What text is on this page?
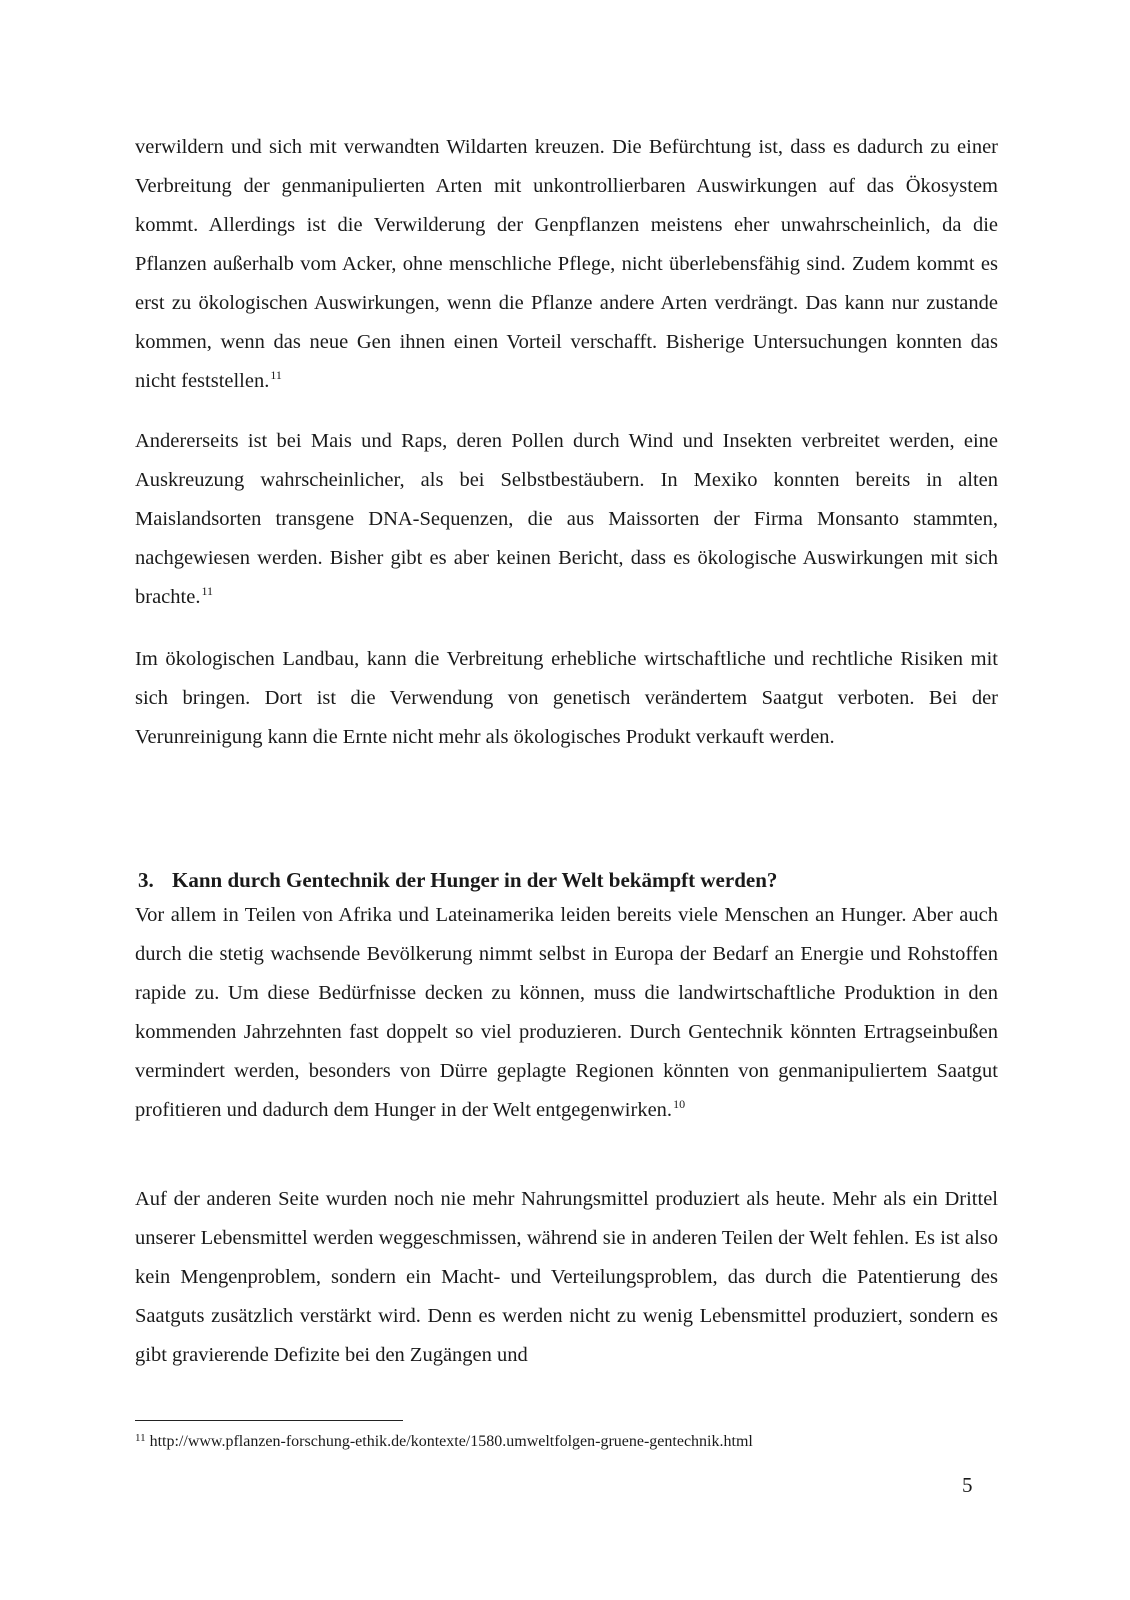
verwildern und sich mit verwandten Wildarten kreuzen. Die Befürchtung ist, dass es dadurch zu einer Verbreitung der genmanipulierten Arten mit unkontrollierbaren Auswirkungen auf das Ökosystem kommt. Allerdings ist die Verwilderung der Genpflanzen meistens eher unwahrscheinlich, da die Pflanzen außerhalb vom Acker, ohne menschliche Pflege, nicht überlebensfähig sind. Zudem kommt es erst zu ökologischen Auswirkungen, wenn die Pflanze andere Arten verdrängt. Das kann nur zustande kommen, wenn das neue Gen ihnen einen Vorteil verschafft. Bisherige Untersuchungen konnten das nicht feststellen.$^{11}$

Andererseits ist bei Mais und Raps, deren Pollen durch Wind und Insekten verbreitet werden, eine Auskreuzung wahrscheinlicher, als bei Selbstbestäubern. In Mexiko konnten bereits in alten Maislandsorten transgene DNA-Sequenzen, die aus Maissorten der Firma Monsanto stammten, nachgewiesen werden. Bisher gibt es aber keinen Bericht, dass es ökologische Auswirkungen mit sich brachte.$^{11}$

Im ökologischen Landbau, kann die Verbreitung erhebliche wirtschaftliche und rechtliche Risiken mit sich bringen. Dort ist die Verwendung von genetisch verändertem Saatgut verboten. Bei der Verunreinigung kann die Ernte nicht mehr als ökologisches Produkt verkauft werden.

3. Kann durch Gentechnik der Hunger in der Welt bekämpft werden?

Vor allem in Teilen von Afrika und Lateinamerika leiden bereits viele Menschen an Hunger. Aber auch durch die stetig wachsende Bevölkerung nimmt selbst in Europa der Bedarf an Energie und Rohstoffen rapide zu. Um diese Bedürfnisse decken zu können, muss die landwirtschaftliche Produktion in den kommenden Jahrzehnten fast doppelt so viel produzieren. Durch Gentechnik könnten Ertragseinbußen vermindert werden, besonders von Dürre geplagte Regionen könnten von genmanipuliertem Saatgut profitieren und dadurch dem Hunger in der Welt entgegenwirken.$^{10}$

Auf der anderen Seite wurden noch nie mehr Nahrungsmittel produziert als heute. Mehr als ein Drittel unserer Lebensmittel werden weggeschmissen, während sie in anderen Teilen der Welt fehlen. Es ist also kein Mengenproblem, sondern ein Macht- und Verteilungsproblem, das durch die Patentierung des Saatguts zusätzlich verstärkt wird. Denn es werden nicht zu wenig Lebensmittel produziert, sondern es gibt gravierende Defizite bei den Zugängen und

$^{11}$ http://www.pflanzen-forschung-ethik.de/kontexte/1580.umweltfolgen-gruene-gentechnik.html

5
